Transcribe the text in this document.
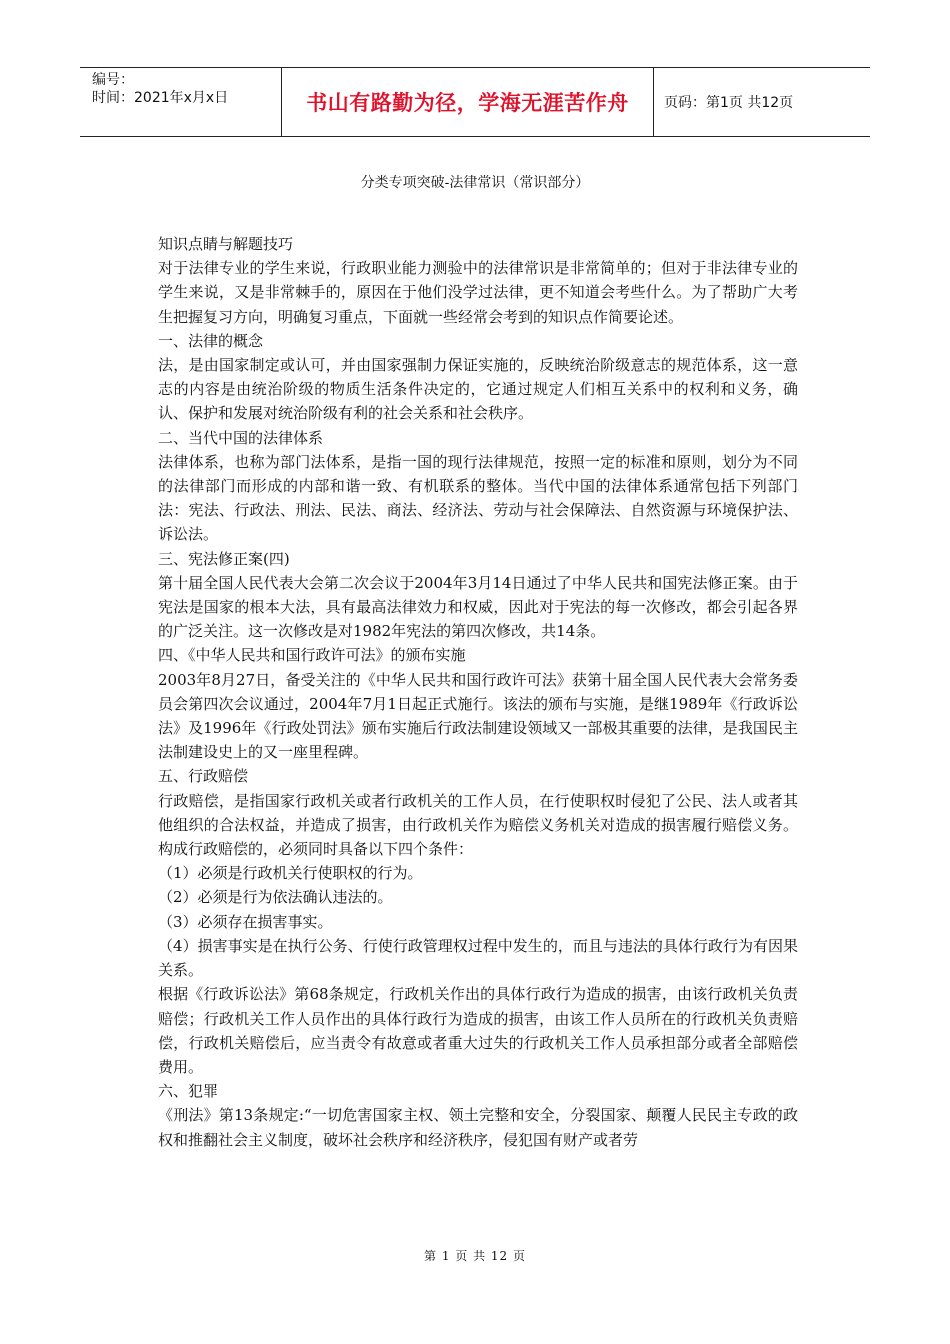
编号：
时间：2021年x月x日	书山有路勤为径，学海无涯苦作舟	页码：第1页 共12页
分类专项突破-法律常识（常识部分）

知识点睛与解题技巧

对于法律专业的学生来说，行政职业能力测验中的法律常识是非常简单的；但对于非法律专业的学生来说，又是非常棘手的，原因在于他们没学过法律，更不知道会考些什么。为了帮助广大考生把握复习方向，明确复习重点，下面就一些经常会考到的知识点作简要论述。

一、法律的概念

法，是由国家制定或认可，并由国家强制力保证实施的，反映统治阶级意志的规范体系，这一意志的内容是由统治阶级的物质生活条件决定的，它通过规定人们相互关系中的权利和义务，确认、保护和发展对统治阶级有利的社会关系和社会秩序。

二、当代中国的法律体系

法律体系，也称为部门法体系，是指一国的现行法律规范，按照一定的标准和原则，划分为不同的法律部门而形成的内部和谐一致、有机联系的整体。当代中国的法律体系通常包括下列部门法：宪法、行政法、刑法、民法、商法、经济法、劳动与社会保障法、自然资源与环境保护法、诉讼法。

三、宪法修正案(四)

第十届全国人民代表大会第二次会议于2004年3月14日通过了中华人民共和国宪法修正案。由于宪法是国家的根本大法，具有最高法律效力和权威，因此对于宪法的每一次修改，都会引起各界的广泛关注。这一次修改是对1982年宪法的第四次修改，共14条。

四、《中华人民共和国行政许可法》的颁布实施

2003年8月27日，备受关注的《中华人民共和国行政许可法》获第十届全国人民代表大会常务委员会第四次会议通过，2004年7月1日起正式施行。该法的颁布与实施，是继1989年《行政诉讼法》及1996年《行政处罚法》颁布实施后行政法制建设领域又一部极其重要的法律，是我国民主法制建设史上的又一座里程碑。

五、行政赔偿

行政赔偿，是指国家行政机关或者行政机关的工作人员，在行使职权时侵犯了公民、法人或者其他组织的合法权益，并造成了损害，由行政机关作为赔偿义务机关对造成的损害履行赔偿义务。构成行政赔偿的，必须同时具备以下四个条件：

（1）必须是行政机关行使职权的行为。

（2）必须是行为依法确认违法的。

（3）必须存在损害事实。

（4）损害事实是在执行公务、行使行政管理权过程中发生的，而且与违法的具体行政行为有因果关系。

根据《行政诉讼法》第68条规定，行政机关作出的具体行政行为造成的损害，由该行政机关负责赔偿；行政机关工作人员作出的具体行政行为造成的损害，由该工作人员所在的行政机关负责赔偿，行政机关赔偿后，应当责令有故意或者重大过失的行政机关工作人员承担部分或者全部赔偿费用。

六、犯罪

《刑法》第13条规定:“一切危害国家主权、领土完整和安全，分裂国家、颠覆人民民主专政的政权和推翻社会主义制度，破坏社会秩序和经济秩序，侵犯国有财产或者劳

第 1 页 共 12 页
